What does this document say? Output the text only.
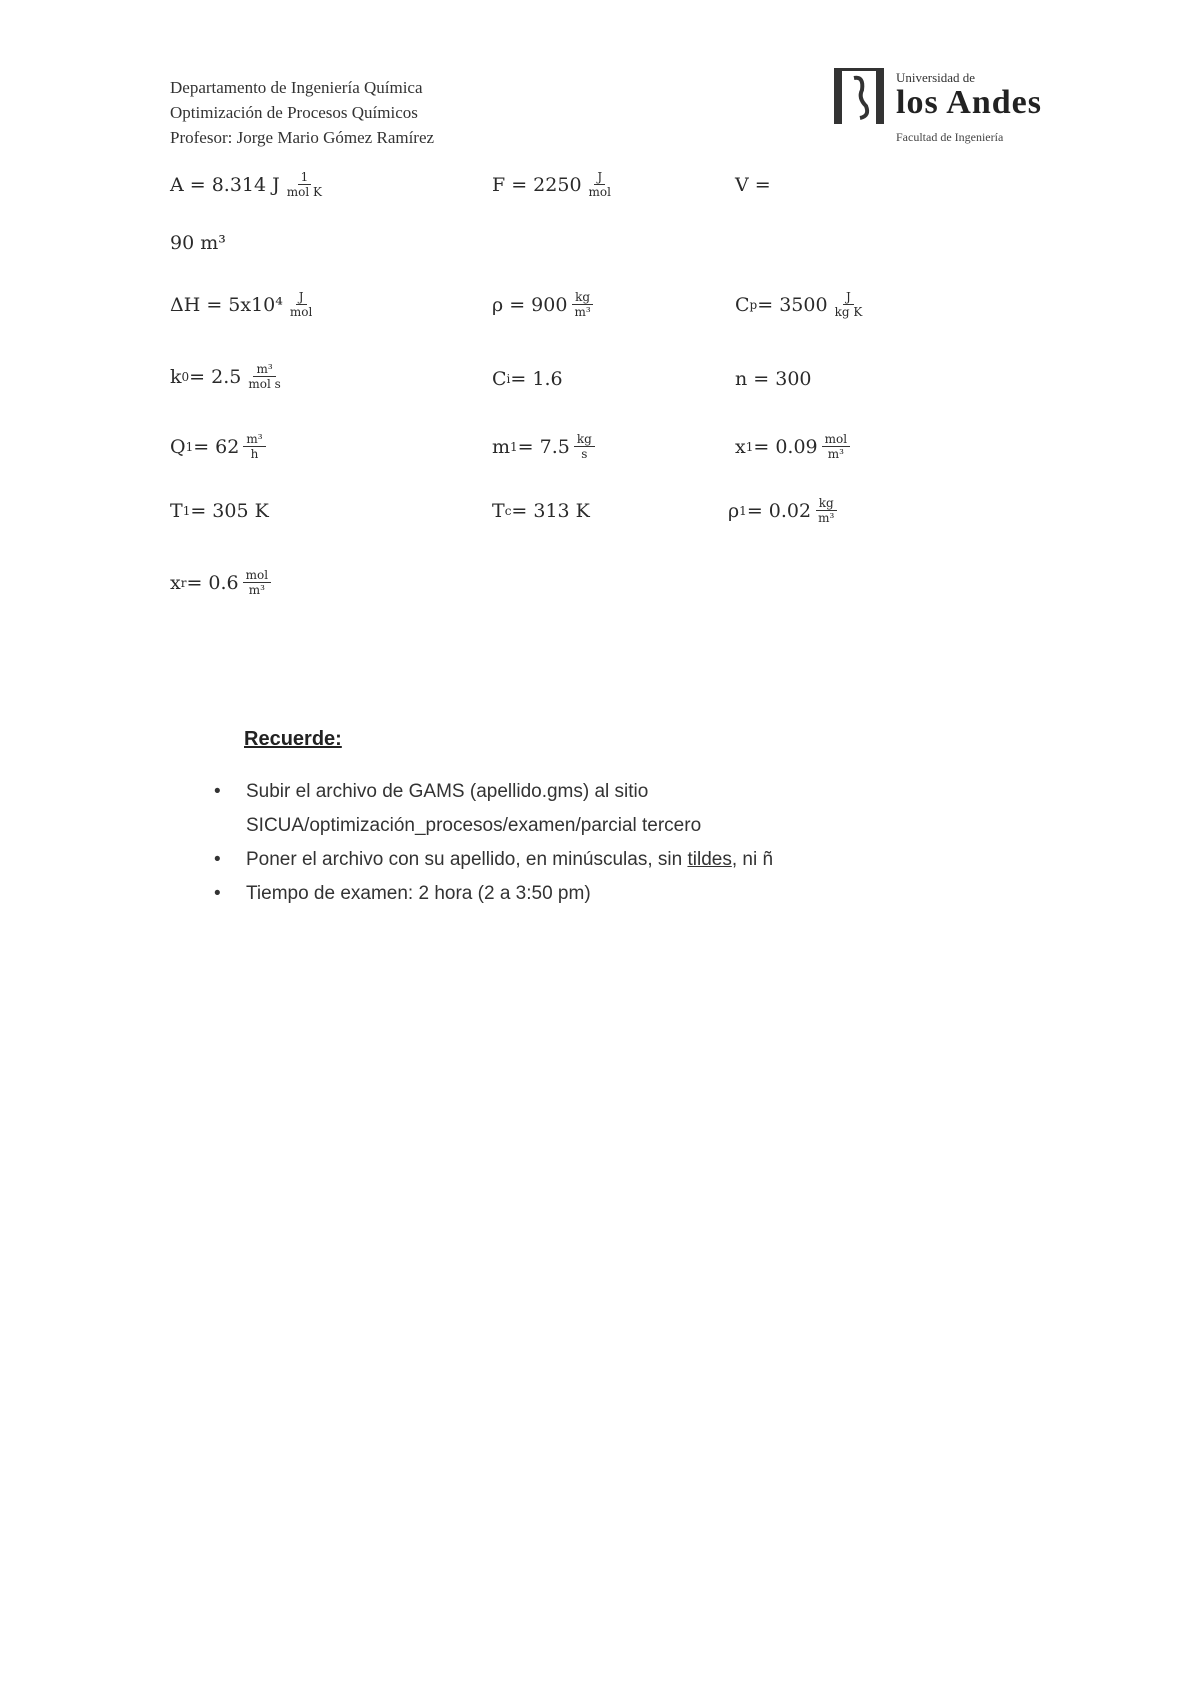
Departamento de Ingeniería Química
Optimización de Procesos Químicos
Profesor: Jorge Mario Gómez Ramírez
Universidad de
los Andes
Facultad de Ingeniería
A = 8.314 J $\frac{1}{\text{mol K}}$	$F = 2250 \frac{J}{\text{mol}}$	V =
90 m³
$\Delta H = 5x10^4 \frac{J}{\text{mol}}$	$\rho = 900 \frac{kg}{\text{m³}}$	C $p = 3500 \frac{J}{\text{kg K}}$
k $0 = 2.5 \frac{\text{m³}}{\text{mol s}}$	C i = 1.6	n = 300
Q $1 = 62 \frac{\text{m³}}{h}$	m $1 = 7.5 \frac{kg}{s}$	x $1 = 0.09 \frac{\text{mol}}{\text{m³}}$
T 1 = 305 K	T c = 313 K	ρ $1 = 0.02 \frac{kg}{\text{m³}}$
x $r = 0.6 \frac{\text{mol}}{\text{m³}}$
Recuerde:
• Subir el archivo de GAMS (apellido.gms) al sitio
SICUA/optimización_procesos/examen/parcial tercero
• Poner el archivo con su apellido, en minúsculas, sin tildes, ni ñ
• Tiempo de examen: 2 hora (2 a 3:50 pm)
